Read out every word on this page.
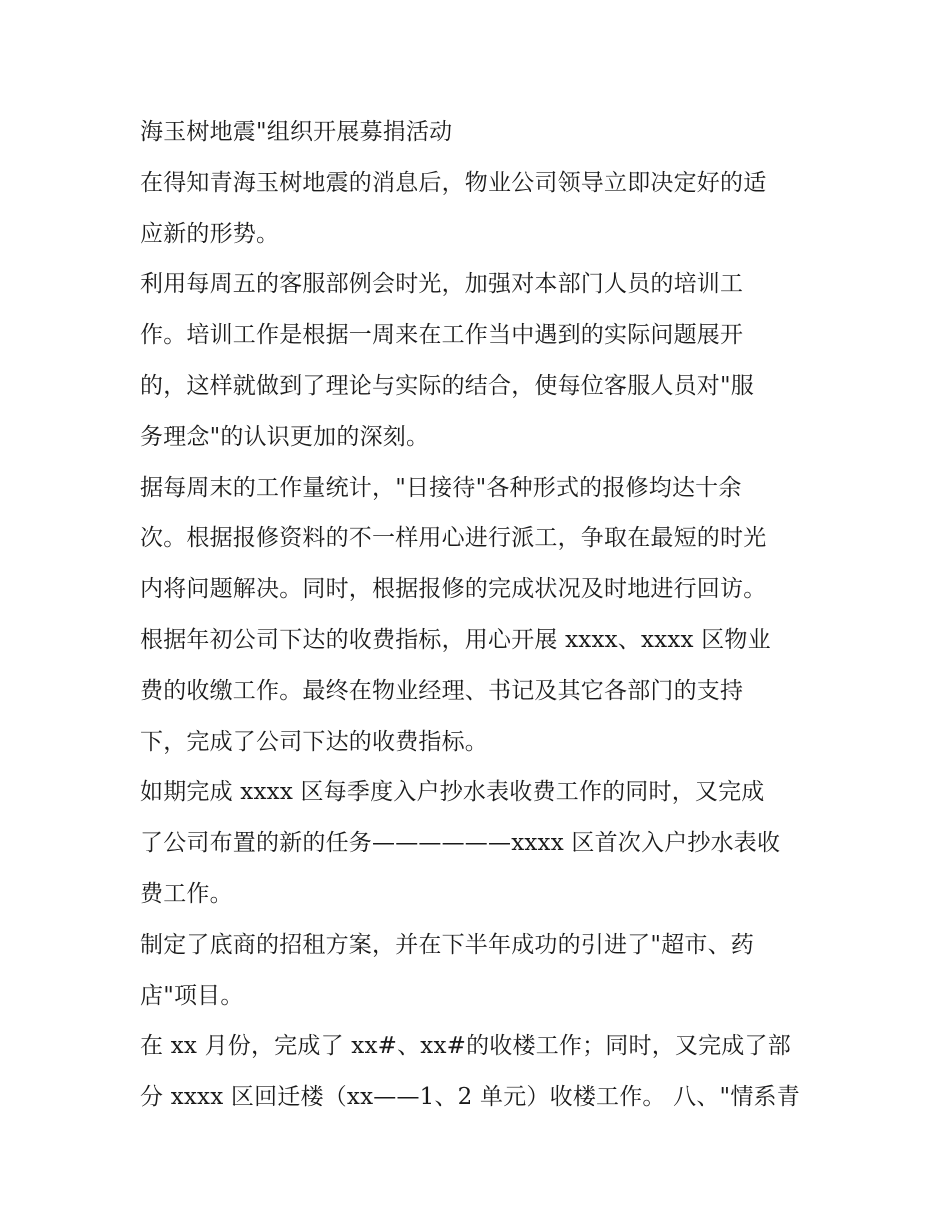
海玉树地震"组织开展募捐活动
在得知青海玉树地震的消息后，物业公司领导立即决定好的适
应新的形势。
利用每周五的客服部例会时光，加强对本部门人员的培训工
作。培训工作是根据一周来在工作当中遇到的实际问题展开
的，这样就做到了理论与实际的结合，使每位客服人员对"服
务理念"的认识更加的深刻。
据每周末的工作量统计，"日接待"各种形式的报修均达十余
次。根据报修资料的不一样用心进行派工，争取在最短的时光
内将问题解决。同时，根据报修的完成状况及时地进行回访。
根据年初公司下达的收费指标，用心开展 xxxx、xxxx 区物业
费的收缴工作。最终在物业经理、书记及其它各部门的支持
下，完成了公司下达的收费指标。
如期完成 xxxx 区每季度入户抄水表收费工作的同时，又完成
了公司布置的新的任务——————xxxx 区首次入户抄水表收
费工作。
制定了底商的招租方案，并在下半年成功的引进了"超市、药
店"项目。
在 xx 月份，完成了 xx#、xx#的收楼工作；同时，又完成了部
分 xxxx 区回迁楼（xx——1、2 单元）收楼工作。 八、"情系青
